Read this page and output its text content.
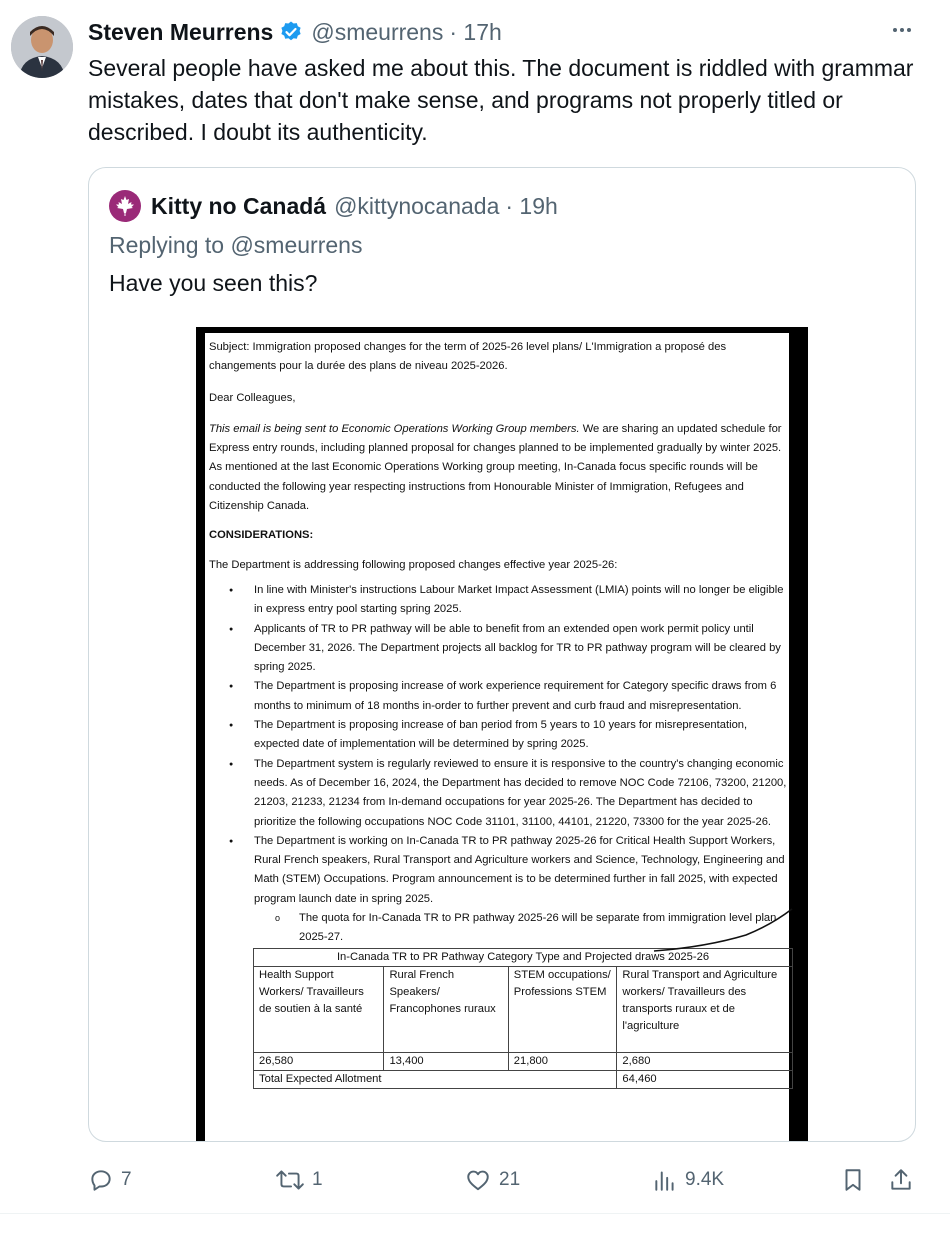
Steven Meurrens @smeurrens · 17h

Several people have asked me about this. The document is riddled with grammar mistakes, dates that don't make sense, and programs not properly titled or described. I doubt its authenticity.

Kitty no Canadá @kittynocanada · 19h
Replying to @smeurrens
Have you seen this?

Subject: Immigration proposed changes for the term of 2025-26 level plans/ L'Immigration a proposé des changements pour la durée des plans de niveau 2025-2026.

Dear Colleagues,

This email is being sent to Economic Operations Working Group members. We are sharing an updated schedule for Express entry rounds, including planned proposal for changes planned to be implemented gradually by winter 2025. As mentioned at the last Economic Operations Working group meeting, In-Canada focus specific rounds will be conducted the following year respecting instructions from Honourable Minister of Immigration, Refugees and Citizenship Canada.

CONSIDERATIONS:

The Department is addressing following proposed changes effective year 2025-26:

● In line with Minister's instructions Labour Market Impact Assessment (LMIA) points will no longer be eligible in express entry pool starting spring 2025.
● Applicants of TR to PR pathway will be able to benefit from an extended open work permit policy until December 31, 2026. The Department projects all backlog for TR to PR pathway program will be cleared by spring 2025.
● The Department is proposing increase of work experience requirement for Category specific draws from 6 months to minimum of 18 months in-order to further prevent and curb fraud and misrepresentation.
● The Department is proposing increase of ban period from 5 years to 10 years for misrepresentation, expected date of implementation will be determined by spring 2025.
● The Department system is regularly reviewed to ensure it is responsive to the country's changing economic needs. As of December 16, 2024, the Department has decided to remove NOC Code 72106, 73200, 21200, 21203, 21233, 21234 from In-demand occupations for year 2025-26. The Department has decided to prioritize the following occupations NOC Code 31101, 31100, 44101, 21220, 73300 for the year 2025-26.
● The Department is working on In-Canada TR to PR pathway 2025-26 for Critical Health Support Workers, Rural French speakers, Rural Transport and Agriculture workers and Science, Technology, Engineering and Math (STEM) Occupations. Program announcement is to be determined further in fall 2025, with expected program launch date in spring 2025.

o The quota for In-Canada TR to PR pathway 2025-26 will be separate from immigration level plan 2025-27.

In-Canada TR to PR Pathway Category Type and Projected draws 2025-26			
Health Support Workers/ Travailleurs de soutien à la santé	Rural French Speakers/ Francophones ruraux	STEM occupations/ Professions STEM	Rural Transport and Agriculture workers/ Travailleurs des transports ruraux et de l'agriculture
26,580	13,400	21,800	2,680
Total Expected Allotment			64,460
7	1	21	9.4K
